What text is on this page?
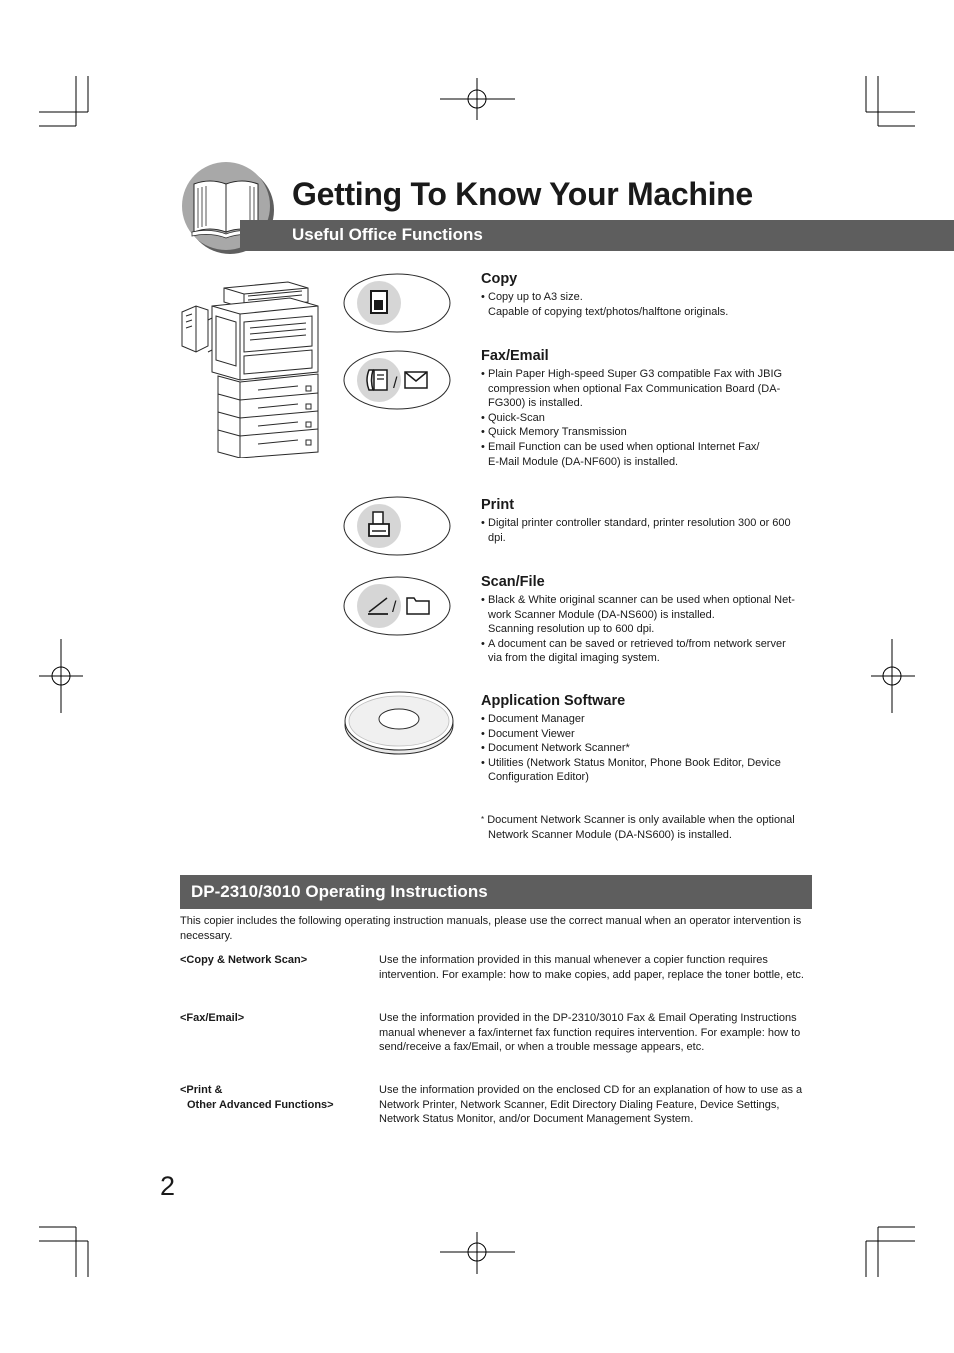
Getting To Know Your Machine
Useful Office Functions
/
/
Copy
• Copy up to A3 size.
Capable of copying text/photos/halftone originals.
Fax/Email
• Plain Paper High-speed Super G3 compatible Fax with JBIG
compression when optional Fax Communication Board (DA-
FG300) is installed.
• Quick-Scan
• Quick Memory Transmission
• Email Function can be used when optional Internet Fax/
E-Mail Module (DA-NF600) is installed.
Print
• Digital printer controller standard, printer resolution 300 or 600
dpi.
Scan/File
• Black & White original scanner can be used when optional Net-
work Scanner Module (DA-NS600) is installed.
Scanning resolution up to 600 dpi.
• A document can be saved or retrieved to/from network server
via from the digital imaging system.
Application Software
• Document Manager
• Document Viewer
• Document Network Scanner*
• Utilities (Network Status Monitor, Phone Book Editor, Device
Configuration Editor)
* Document Network Scanner is only available when the optional
Network Scanner Module (DA-NS600) is installed.
DP-2310/3010 Operating Instructions
This copier includes the following operating instruction manuals, please use the correct manual when an operator intervention is necessary.
<Copy & Network Scan>	Use the information provided in this manual whenever a copier function requires intervention. For example: how to make copies, add paper, replace the toner bottle, etc.
<Fax/Email>	Use the information provided in the DP-2310/3010 Fax & Email Operating Instructions manual whenever a fax/internet fax function requires intervention. For example: how to send/receive a fax/Email, or when a trouble message appears, etc.
<Print &
Other Advanced Functions>
Use the information provided on the enclosed CD for an explanation of how to use as a Network Printer, Network Scanner, Edit Directory Dialing Feature, Device Settings, Network Status Monitor, and/or Document Management System.
2
